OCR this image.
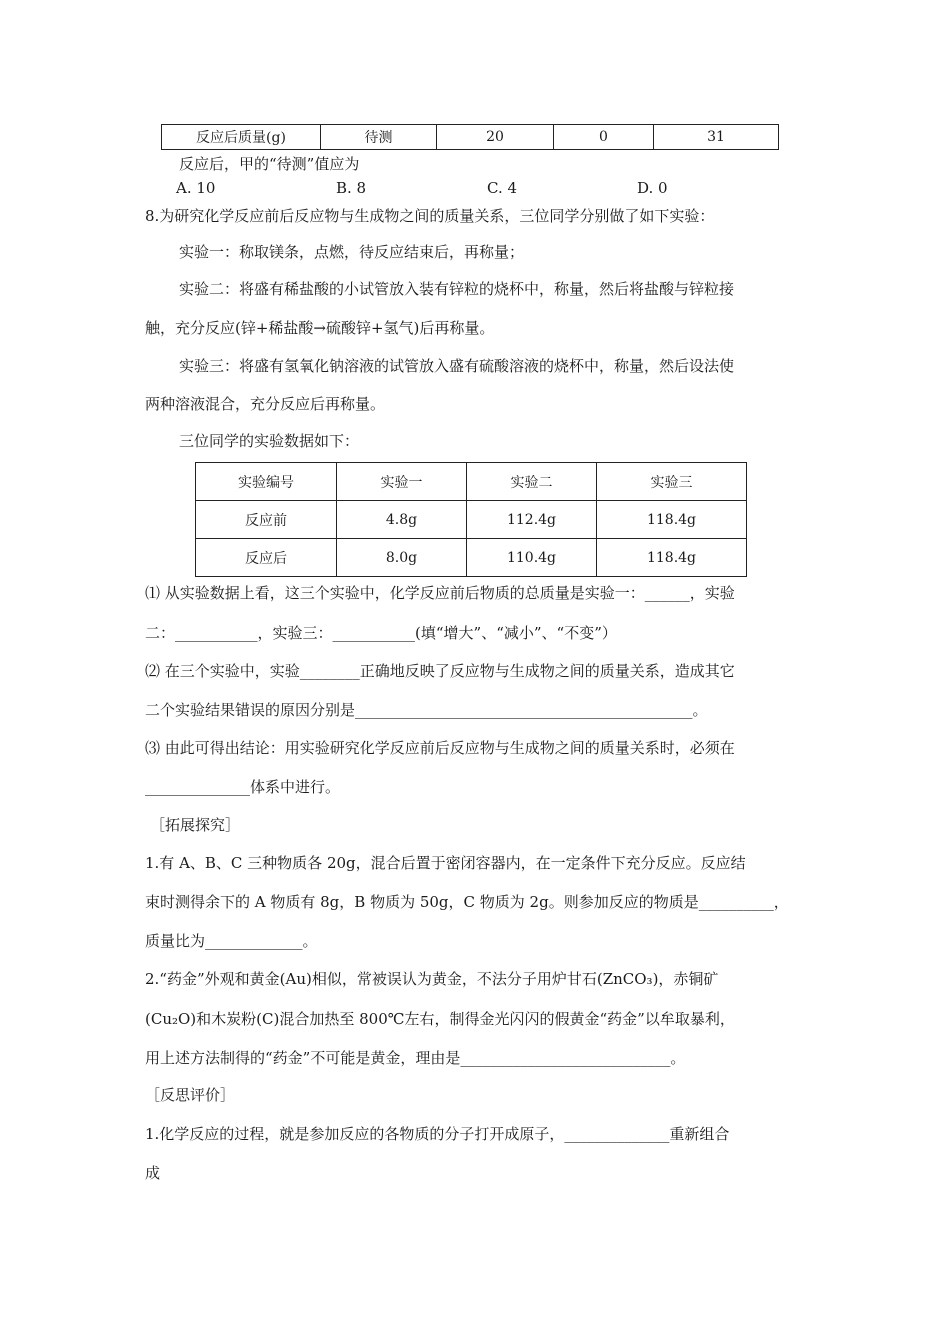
反应后质量(g)	待测	20	0	31
反应后，甲的“待测”值应为
A. 10	B. 8	C. 4	D. 0
8.为研究化学反应前后反应物与生成物之间的质量关系，三位同学分别做了如下实验：
实验一：称取镁条，点燃，待反应结束后，再称量；
实验二：将盛有稀盐酸的小试管放入装有锌粒的烧杯中，称量，然后将盐酸与锌粒接
触，充分反应(锌+稀盐酸→硫酸锌+氢气)后再称量。
实验三：将盛有氢氧化钠溶液的试管放入盛有硫酸溶液的烧杯中，称量，然后设法使
两种溶液混合，充分反应后再称量。
三位同学的实验数据如下：
实验编号	实验一	实验二	实验三
反应前	4.8g	112.4g	118.4g
反应后	8.0g	110.4g	118.4g
⑴ 从实验数据上看，这三个实验中，化学反应前后物质的总质量是实验一：______，实验
二：___________，实验三：___________(填“增大”、“减小”、“不变”）
⑵ 在三个实验中，实验________正确地反映了反应物与生成物之间的质量关系，造成其它
二个实验结果错误的原因分别是_____________________________________________。
⑶ 由此可得出结论：用实验研究化学反应前后反应物与生成物之间的质量关系时，必须在
______________体系中进行。
［拓展探究］
1.有 A、B、C 三种物质各 20g，混合后置于密闭容器内，在一定条件下充分反应。反应结
束时测得余下的 A 物质有 8g，B 物质为 50g，C 物质为 2g。则参加反应的物质是__________，
质量比为_____________。
2.“药金”外观和黄金(Au)相似，常被误认为黄金，不法分子用炉甘石(ZnCO₃)，赤铜矿
(Cu₂O)和木炭粉(C)混合加热至 800℃左右，制得金光闪闪的假黄金“药金”以牟取暴利，
用上述方法制得的“药金”不可能是黄金，理由是____________________________。
［反思评价］
1.化学反应的过程，就是参加反应的各物质的分子打开成原子，______________重新组合
成
